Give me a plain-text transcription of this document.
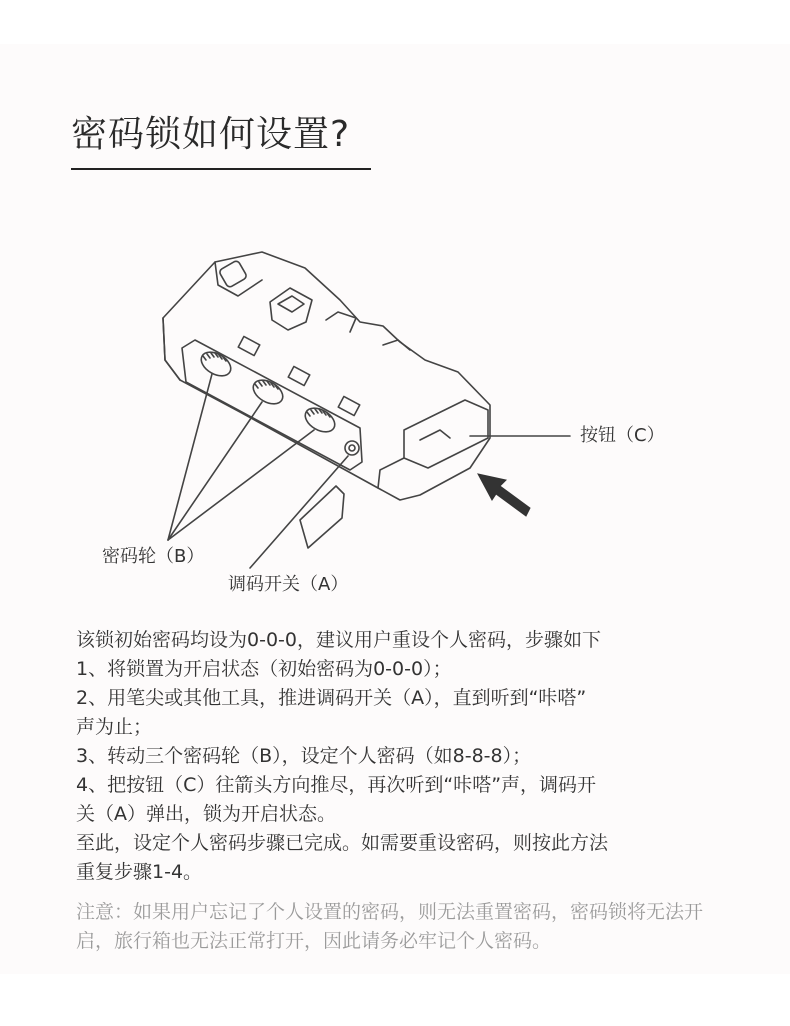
密码锁如何设置?
按钮（C）
密码轮（B）
调码开关（A）

该锁初始密码均设为0-0-0，建议用户重设个人密码，步骤如下

1、将锁置为开启状态（初始密码为0-0-0）；

2、用笔尖或其他工具，推进调码开关（A），直到听到“咔嗒”

声为止；

3、转动三个密码轮（B），设定个人密码（如8-8-8）；

4、把按钮（C）往箭头方向推尽，再次听到“咔嗒”声，调码开

关（A）弹出，锁为开启状态。

至此，设定个人密码步骤已完成。如需要重设密码，则按此方法

重复步骤1-4。

注意：如果用户忘记了个人设置的密码，则无法重置密码，密码锁将无法开启，旅行箱也无法正常打开，因此请务必牢记个人密码。
